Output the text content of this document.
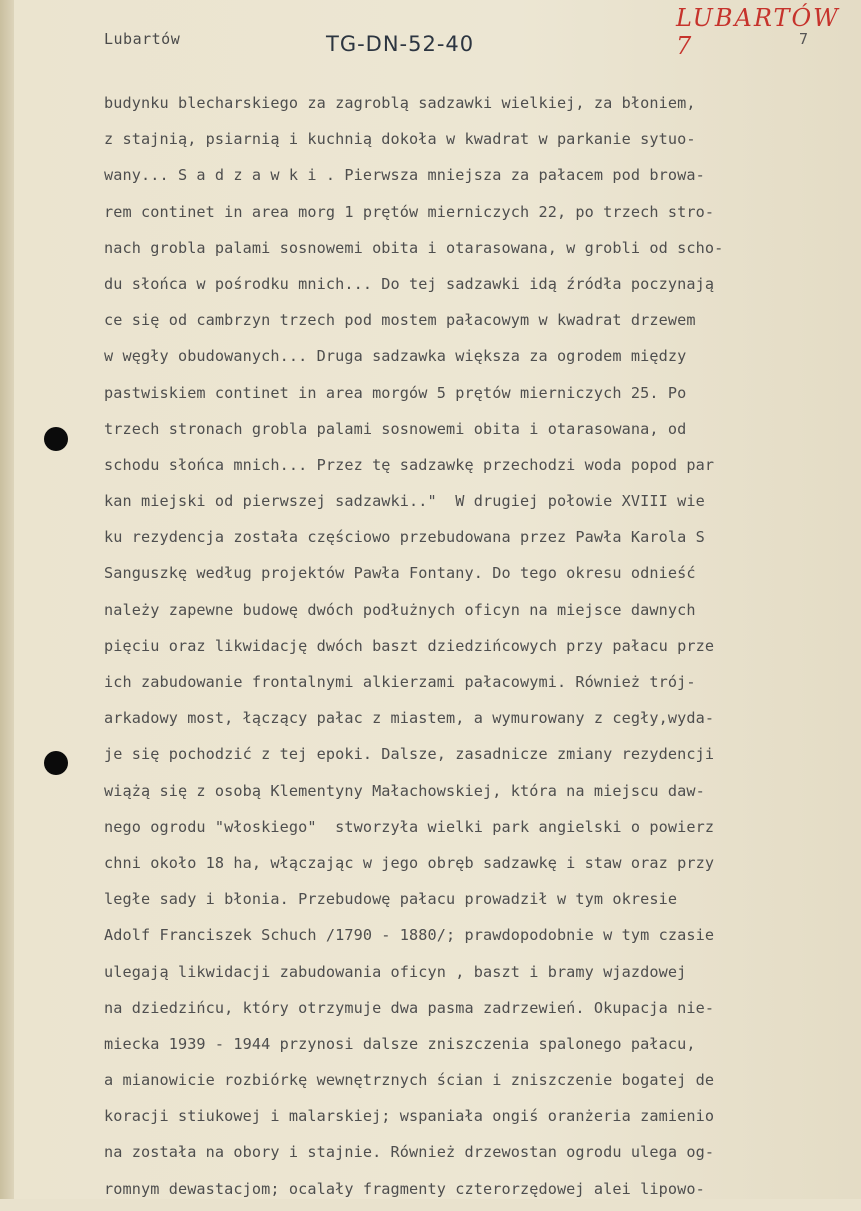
Lubartów	TG-DN-52-40
LUBARTÓW 7	7
budynku blecharskiego za zagroblą sadzawki wielkiej, za błoniem,
z stajnią, psiarnią i kuchnią dokoła w kwadrat w parkanie sytuo-
wany... S a d z a w k i . Pierwsza mniejsza za pałacem pod browa-
rem continet in area morg 1 prętów mierniczych 22, po trzech stro-
nach grobla palami sosnowemi obita i otarasowana, w grobli od scho-
du słońca w pośrodku mnich... Do tej sadzawki idą źródła poczynają
ce się od cambrzyn trzech pod mostem pałacowym w kwadrat drzewem
w węgły obudowanych... Druga sadzawka większa za ogrodem między
pastwiskiem continet in area morgów 5 prętów mierniczych 25. Po
trzech stronach grobla palami sosnowemi obita i otarasowana, od
schodu słońca mnich... Przez tę sadzawkę przechodzi woda popod par
kan miejski od pierwszej sadzawki.."  W drugiej połowie XVIII wie
ku rezydencja została częściowo przebudowana przez Pawła Karola S
Sanguszkę według projektów Pawła Fontany. Do tego okresu odnieść
należy zapewne budowę dwóch podłużnych oficyn na miejsce dawnych
pięciu oraz likwidację dwóch baszt dziedzińcowych przy pałacu prze
ich zabudowanie frontalnymi alkierzami pałacowymi. Również trój-
arkadowy most, łączący pałac z miastem, a wymurowany z cegły,wyda-
je się pochodzić z tej epoki. Dalsze, zasadnicze zmiany rezydencji
wiążą się z osobą Klementyny Małachowskiej, która na miejscu daw-
nego ogrodu "włoskiego"  stworzyła wielki park angielski o powierz
chni około 18 ha, włączając w jego obręb sadzawkę i staw oraz przy
ległe sady i błonia. Przebudowę pałacu prowadził w tym okresie
Adolf Franciszek Schuch /1790 - 1880/; prawdopodobnie w tym czasie
ulegają likwidacji zabudowania oficyn , baszt i bramy wjazdowej
na dziedzińcu, który otrzymuje dwa pasma zadrzewień. Okupacja nie-
miecka 1939 - 1944 przynosi dalsze zniszczenia spalonego pałacu,
a mianowicie rozbiórkę wewnętrznych ścian i zniszczenie bogatej de
koracji stiukowej i malarskiej; wspaniała ongiś oranżeria zamienio
na została na obory i stajnie. Również drzewostan ogrodu ulega og-
romnym dewastacjom; ocalały fragmenty czterorzędowej alei lipowo-
